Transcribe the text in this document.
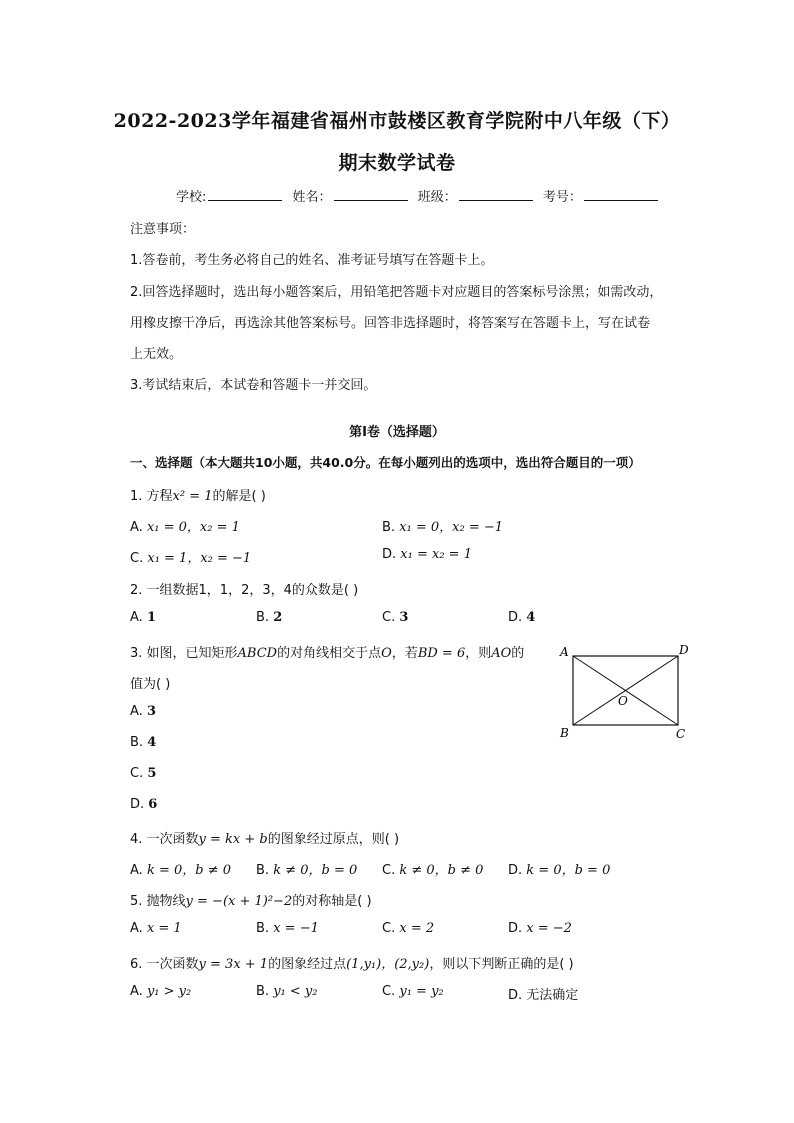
2022-2023学年福建省福州市鼓楼区教育学院附中八年级（下）
期末数学试卷
学校:	姓名：	班级：	考号：
注意事项：
1.答卷前，考生务必将自己的姓名、准考证号填写在答题卡上。
2.回答选择题时，选出每小题答案后，用铅笔把答题卡对应题目的答案标号涂黑；如需改动，
用橡皮擦干净后，再选涂其他答案标号。回答非选择题时，将答案写在答题卡上，写在试卷
上无效。
3.考试结束后，本试卷和答题卡一并交回。
第Ⅰ卷（选择题）
一、选择题（本大题共10小题，共40.0分。在每小题列出的选项中，选出符合题目的一项）
1. 方程x² = 1的解是( )
A. x₁ = 0，x₂ = 1	B. x₁ = 0，x₂ = −1
C. x₁ = 1，x₂ = −1	D. x₁ = x₂ = 1
2. 一组数据1，1，2，3，4的众数是( )
A. 1	B. 2	C. 3	D. 4
3. 如图，已知矩形ABCD的对角线相交于点O，若BD = 6，则AO的
值为( )
A. 3
B. 4
C. 5
D. 6
A	D
B	C
O
4. 一次函数y = kx + b的图象经过原点，则( )
A. k = 0，b ≠ 0 B. k ≠ 0，b = 0 C. k ≠ 0，b ≠ 0 D. k = 0，b = 0
5. 抛物线y = −(x + 1)²−2的对称轴是( )
A. x = 1	B. x = −1	C. x = 2	D. x = −2
6. 一次函数y = 3x + 1的图象经过点(1,y₁)，(2,y₂)，则以下判断正确的是( )
A. y₁ > y₂	B. y₁ < y₂	C. y₁ = y₂	D. 无法确定
